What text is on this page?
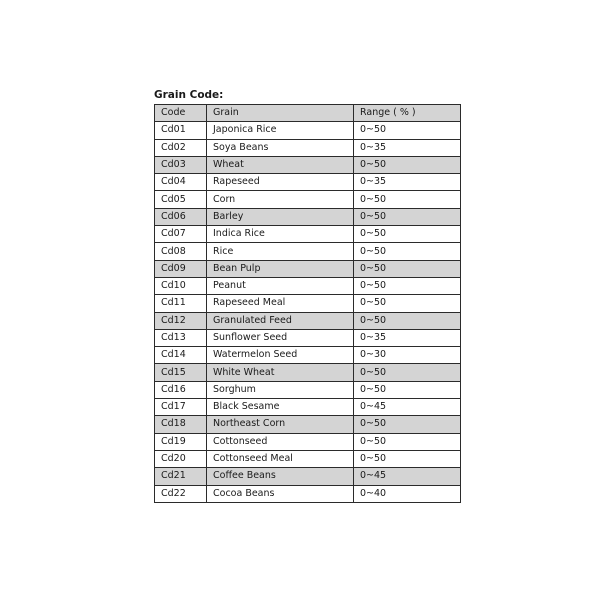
Grain Code:
Code	Grain	Range ( % )
Cd01	Japonica Rice	0~50
Cd02	Soya Beans	0~35
Cd03	Wheat	0~50
Cd04	Rapeseed	0~35
Cd05	Corn	0~50
Cd06	Barley	0~50
Cd07	Indica Rice	0~50
Cd08	Rice	0~50
Cd09	Bean Pulp	0~50
Cd10	Peanut	0~50
Cd11	Rapeseed Meal	0~50
Cd12	Granulated Feed	0~50
Cd13	Sunflower Seed	0~35
Cd14	Watermelon Seed	0~30
Cd15	White Wheat	0~50
Cd16	Sorghum	0~50
Cd17	Black Sesame	0~45
Cd18	Northeast Corn	0~50
Cd19	Cottonseed	0~50
Cd20	Cottonseed Meal	0~50
Cd21	Coffee Beans	0~45
Cd22	Cocoa Beans	0~40
